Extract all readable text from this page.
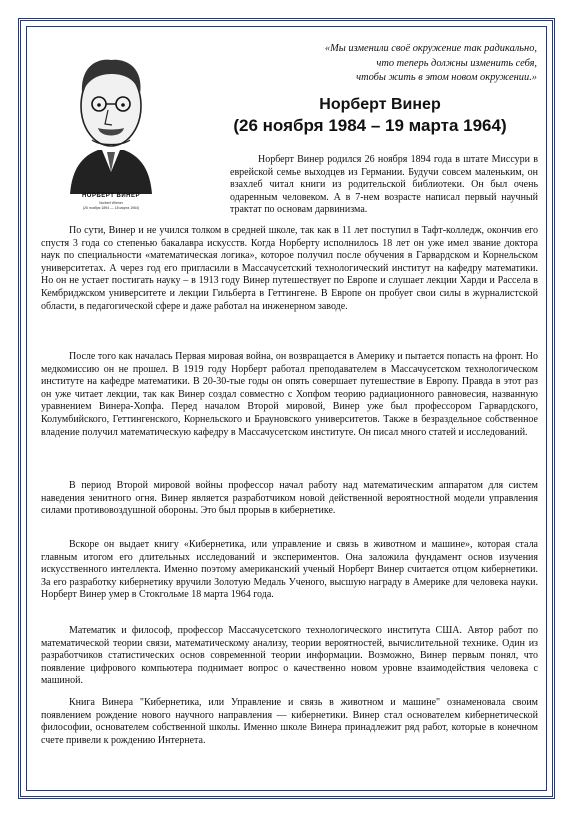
НОРБЕРТ ВИНЕР
Norbert Wiener
(26 ноября 1894 — 18 марта 1964)
«Мы изменили своё окружение так радикально,
что теперь должны изменить себя,
чтобы жить в этом новом окружении.»
Норберт Винер
(26 ноября 1984 – 19 марта 1964)

Норберт Винер родился 26 ноября 1894 года в штате Миссури в еврейской семье выходцев из Германии. Будучи совсем маленьким, он взахлеб читал книги из родительской библиотеки. Он был очень одаренным человеком. А в 7-нем возрасте написал первый научный трактат по основам дарвинизма.

По сути, Винер и не учился толком в средней школе, так как в 11 лет поступил в Тафт-колледж, окончив его спустя 3 года со степенью бакалавра искусств. Когда Норберту исполнилось 18 лет он уже имел звание доктора наук по специальности «математическая логика», которое получил после обучения в Гарвардском и Корнельском университетах. А через год его пригласили в Массачусетский технологический институт на кафедру математики. Но он не устает постигать науку – в 1913 году Винер путешествует по Европе и слушает лекции Харди и Рассела в Кембриджском университете и лекции Гильберта в Геттингене. В Европе он пробует свои силы в журналистской области, в педагогической сфере и даже работал на инженерном заводе.

После того как началась Первая мировая война, он возвращается в Америку и пытается попасть на фронт. Но медкомиссию он не прошел. В 1919 году Норберт работал преподавателем в Массачусетском технологическом институте на кафедре математики. В 20-30-тые годы он опять совершает путешествие в Европу. Правда в этот раз он уже читает лекции, так как Винер создал совместно с Хопфом теорию радиационного равновесия, названную уравнением Винера-Хопфа. Перед началом Второй мировой, Винер уже был профессором Гарвардского, Колумбийского, Геттингенского, Корнельского и Брауновского университетов. Также в безраздельное собственное владение получил математическую кафедру в Массачусетском институте. Он писал много статей и исследований.

В период Второй мировой войны профессор начал работу над математическим аппаратом для систем наведения зенитного огня. Винер является разработчиком новой действенной вероятностной модели управления силами противовоздушной обороны. Это был прорыв в кибернетике.

Вскоре он выдает книгу «Кибернетика, или управление и связь в животном и машине», которая стала главным итогом его длительных исследований и экспериментов. Она заложила фундамент основ изучения искусственного интеллекта. Именно поэтому американский ученый Норберт Винер считается отцом кибернетики. За его разработку кибернетику вручили Золотую Медаль Ученого, высшую награду в Америке для человека науки. Норберт Винер умер в Стокгольме 18 марта 1964 года.

Математик и философ, профессор Массачусетского технологического института США. Автор работ по математической теории связи, математическому анализу, теории вероятностей, вычислительной технике. Один из разработчиков статистических основ современной теории информации. Возможно, Винер первым понял, что появление цифрового компьютера поднимает вопрос о качественно новом уровне взаимодействия человека с машиной.

Книга Винера "Кибернетика, или Управление и связь в животном и машине" ознаменовала своим появлением рождение нового научного направления — кибернетики. Винер стал основателем кибернетической философии, основателем собственной школы. Именно школе Винера принадлежит ряд работ, которые в конечном счете привели к рождению Интернета.
